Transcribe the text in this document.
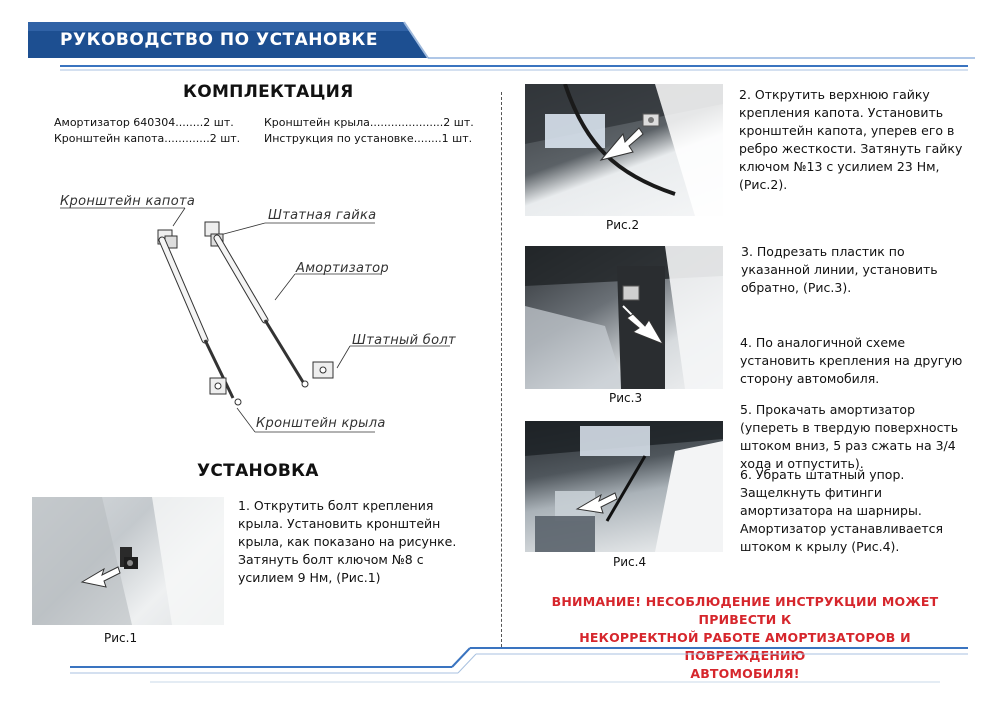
РУКОВОДСТВО ПО УСТАНОВКЕ
КОМПЛЕКТАЦИЯ
Амортизатор 640304........2 шт.
Кронштейн капота.............2 шт.
Кронштейн крыла.....................2 шт.
Инструкция по установке........1 шт.
Кронштейн капота
Штатная гайка
Амортизатор
Штатный болт
Кронштейн крыла
УСТАНОВКА
Рис.1
1. Открутить болт крепления крыла. Установить кронштейн крыла, как показано на рисунке. Затянуть болт ключом №8 с усилием 9 Нм, (Рис.1)
Рис.2
2. Открутить верхнюю гайку крепления капота. Установить кронштейн капота, уперев его в ребро жесткости. Затянуть гайку ключом №13 с усилием 23 Нм, (Рис.2).
Рис.3
3. Подрезать пластик по указанной линии, установить обратно, (Рис.3).
4. По аналогичной схеме установить крепления на другую сторону автомобиля.
5. Прокачать амортизатор (упереть в твердую поверхность штоком вниз, 5 раз сжать на 3/4 хода и отпустить).
6. Убрать штатный упор. Защелкнуть фитинги амортизатора на шарниры. Амортизатор устанавливается штоком к крылу (Рис.4).
Рис.4
ВНИМАНИЕ! НЕСОБЛЮДЕНИЕ ИНСТРУКЦИИ МОЖЕТ ПРИВЕСТИ К
НЕКОРРЕКТНОЙ РАБОТЕ АМОРТИЗАТОРОВ И ПОВРЕЖДЕНИЮ
АВТОМОБИЛЯ!
